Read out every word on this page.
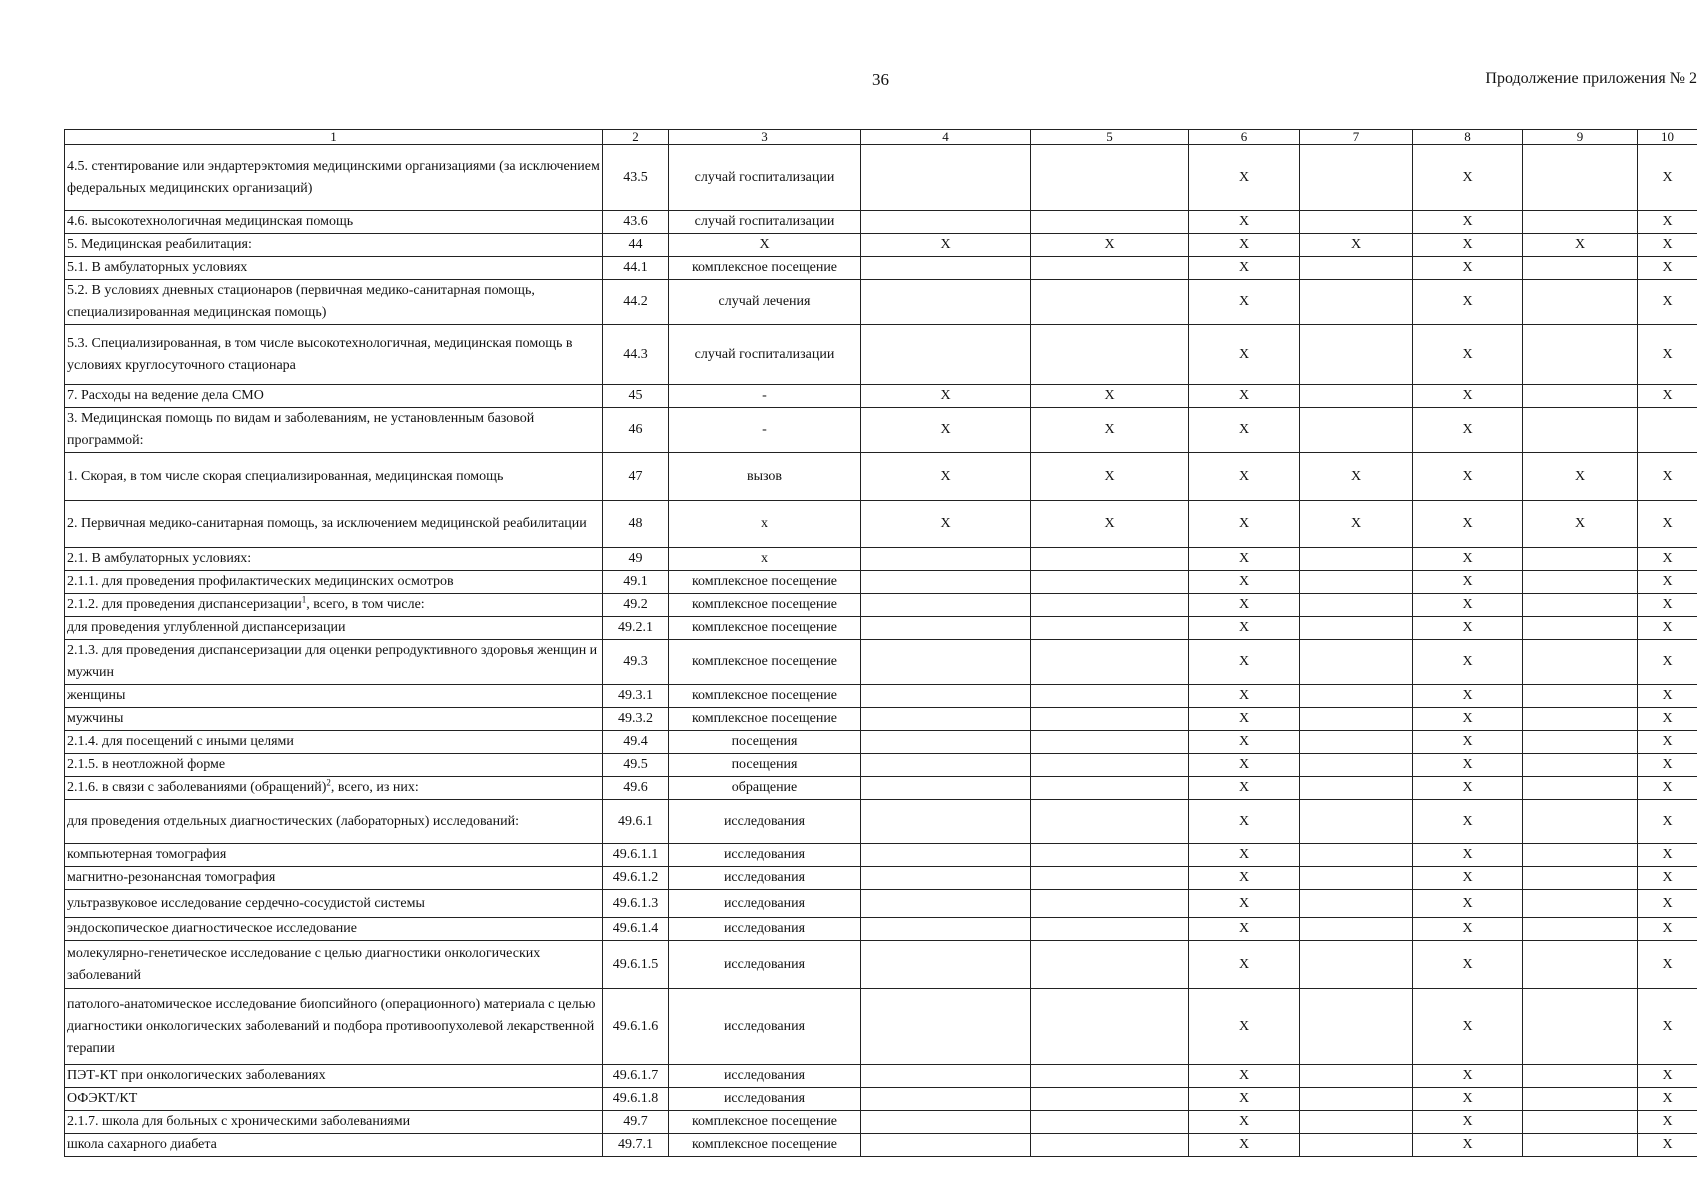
36	Продолжение приложения № 2
1	2	3	4	5	6	7	8	9	10
4.5. стентирование или эндартерэктомия медицинскими организациями (за исключением федеральных медицинских организаций)	43.5	случай госпитализации			X		X		X
4.6. высокотехнологичная медицинская помощь	43.6	случай госпитализации			X		X		X
5. Медицинская реабилитация:	44	X	X	X	X	X	X	X	X
5.1. В амбулаторных условиях	44.1	комплексное посещение			X		X		X
5.2. В условиях дневных стационаров (первичная медико-санитарная помощь, специализированная медицинская помощь)	44.2	случай лечения			X		X		X
5.3. Специализированная, в том числе высокотехнологичная, медицинская помощь в условиях круглосуточного стационара	44.3	случай госпитализации			X		X		X
7. Расходы на ведение дела СМО	45	-	X	X	X		X		X
3. Медицинская помощь по видам и заболеваниям, не установленным базовой программой:	46	-	X	X	X		X		
1. Скорая, в том числе скорая специализированная, медицинская помощь	47	вызов	X	X	X	X	X	X	X
2. Первичная медико-санитарная помощь, за исключением медицинской реабилитации	48	x	X	X	X	X	X	X	X
2.1. В амбулаторных условиях:	49	x			X		X		X
2.1.1. для проведения профилактических медицинских осмотров	49.1	комплексное посещение			X		X		X
2.1.2. для проведения диспансеризации$^1$, всего, в том числе:	49.2	комплексное посещение			X		X		X
для проведения углубленной диспансеризации	49.2.1	комплексное посещение			X		X		X
2.1.3. для проведения диспансеризации для оценки репродуктивного здоровья женщин и мужчин	49.3	комплексное посещение			X		X		X
женщины	49.3.1	комплексное посещение			X		X		X
мужчины	49.3.2	комплексное посещение			X		X		X
2.1.4. для посещений с иными целями	49.4	посещения			X		X		X
2.1.5. в неотложной форме	49.5	посещения			X		X		X
2.1.6. в связи с заболеваниями (обращений)$^2$, всего, из них:	49.6	обращение			X		X		X
для проведения отдельных диагностических (лабораторных) исследований:	49.6.1	исследования			X		X		X
компьютерная томография	49.6.1.1	исследования			X		X		X
магнитно-резонансная томография	49.6.1.2	исследования			X		X		X
ультразвуковое исследование сердечно-сосудистой системы	49.6.1.3	исследования			X		X		X
эндоскопическое диагностическое исследование	49.6.1.4	исследования			X		X		X
молекулярно-генетическое исследование с целью диагностики онкологических заболеваний	49.6.1.5	исследования			X		X		X
патолого-анатомическое исследование биопсийного (операционного) материала с целью диагностики онкологических заболеваний и подбора противоопухолевой лекарственной терапии	49.6.1.6	исследования			X		X		X
ПЭТ-КТ при онкологических заболеваниях	49.6.1.7	исследования			X		X		X
ОФЭКТ/КТ	49.6.1.8	исследования			X		X		X
2.1.7. школа для больных с хроническими заболеваниями	49.7	комплексное посещение			X		X		X
школа сахарного диабета	49.7.1	комплексное посещение			X		X		X
